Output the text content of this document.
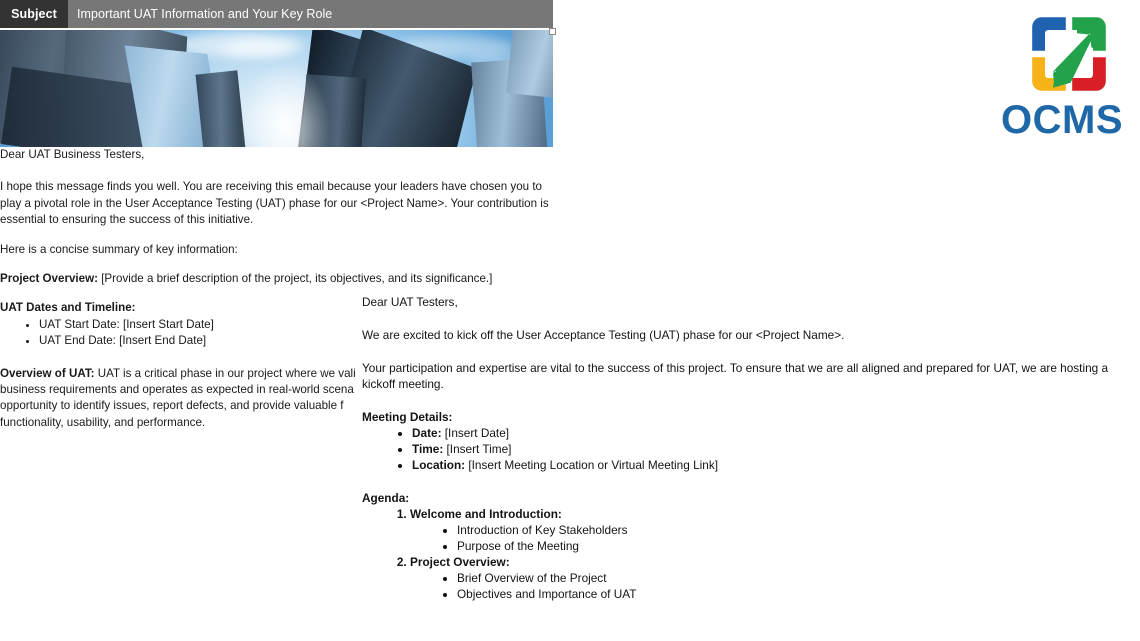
Subject	Important UAT Information and Your Key Role

Dear UAT Business Testers,

I hope this message finds you well. You are receiving this email because your leaders have chosen you to play a pivotal role in the User Acceptance Testing (UAT) phase for our <Project Name>. Your contribution is essential to ensuring the success of this initiative.

Here is a concise summary of key information:

Project Overview: [Provide a brief description of the project, its objectives, and its significance.]

UAT Dates and Timeline:

• UAT Start Date: [Insert Start Date]
• UAT End Date: [Insert End Date]

Overview of UAT: UAT is a critical phase in our project where we vali

business requirements and operates as expected in real-world scena

opportunity to identify issues, report defects, and provide valuable f

functionality, usability, and performance.

Dear UAT Testers,

We are excited to kick off the User Acceptance Testing (UAT) phase for our <Project Name>.

Your participation and expertise are vital to the success of this project. To ensure that we are all aligned and prepared for UAT, we are hosting a kickoff meeting.

Meeting Details:

• Date: [Insert Date]
• Time: [Insert Time]
• Location: [Insert Meeting Location or Virtual Meeting Link]

Agenda:

1. Welcome and Introduction:
• Introduction of Key Stakeholders
• Purpose of the Meeting
2. Project Overview:
• Brief Overview of the Project
• Objectives and Importance of UAT
OCMS
